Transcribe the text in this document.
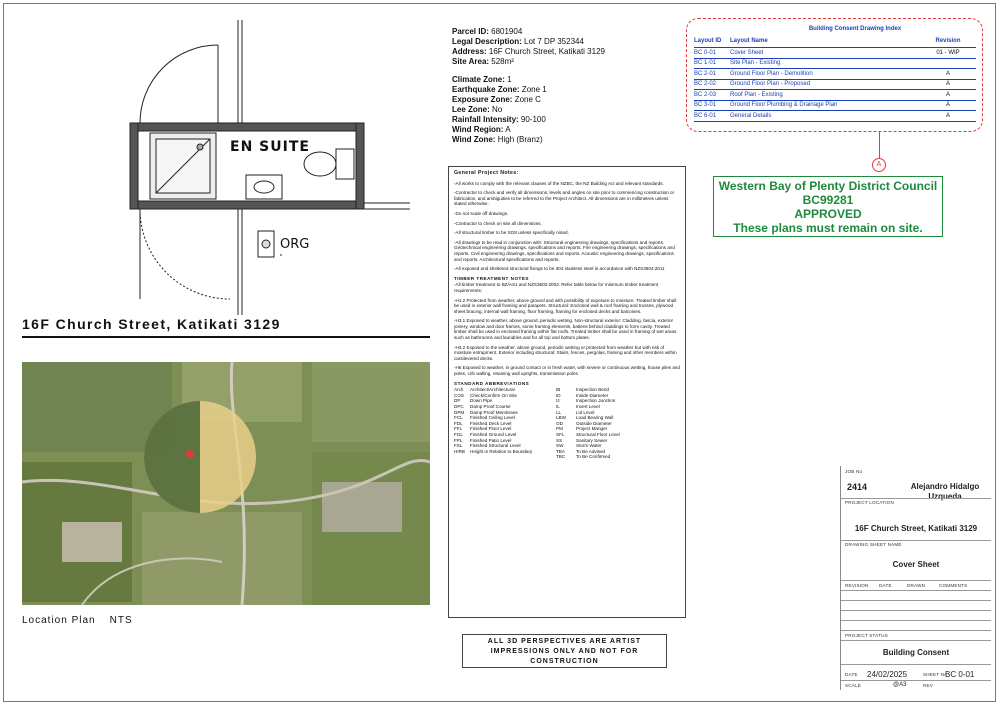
EN SUITE
ORG
16F Church Street, Katikati 3129
Location Plan NTS
Parcel ID: 6801904
Legal Description: Lot 7 DP 352344
Address: 16F Church Street, Katikati 3129
Site Area: 528m²
Climate Zone: 1
Earthquake Zone: Zone 1
Exposure Zone: Zone C
Lee Zone: No
Rainfall Intensity: 90-100
Wind Region: A
Wind Zone: High (Branz)
Building Consent Drawing Index
Layout ID	Layout Name	Revision
BC 0-01	Cover Sheet	01 - WIP
BC 1-01	Site Plan - Existing
BC 2-01	Ground Floor Plan - Demolition	A
BC 2-02	Ground Floor Plan - Proposed	A
BC 2-03	Roof Plan - Existing	A
BC 3-01	Ground Floor Plumbing & Drainage Plan	A
BC 6-01	General Details	A
A
Western Bay of Plenty District Council
BC99281
APPROVED
These plans must remain on site.
General Project Notes:

-All works to comply with the relevant clauses of the NZBC, the NZ Building Act and relevant standards.

-Contractor to check and verify all dimensions, levels and angles on site prior to commencing construction or fabrication, and ambiguities to be referred to the Project Architect. All dimensions are in millimetres unless stated otherwise.

-Do not scale off drawings.

-Contractor to check on site all dimensions.

-All structural timber to be SG8 unless specifically noted.

-All drawings to be read in conjunction with: Structural engineering drawings, specifications and reports. Geotechnical engineering drawings, specifications and reports. Fire engineering drawings, specifications and reports. Civil engineering drawings, specifications and reports. Acoustic engineering drawings, specifications and reports. Architectural specifications and reports.

-All exposed and sheltered structural fixings to be 304 stainless steel in accordance with NZS3604:2011

TIMBER TREATMENT NOTES

-All timber treatment to BZ/AS1 and NZS3602:2003. Refer table below for minimum timber treatment requirements:

-H1.2 Protected from weather, above ground and with possibility of exposure to moisture. Treated timber shall be used in exterior wall framing and parapets. Structural: Enclosed wall & roof framing and trusses, plywood sheet bracing, internal wall framing, floor framing, framing for enclosed decks and balconies.

-H3.1 Exposed to weather, above ground, periodic wetting. Non-structural exterior: Cladding, fascia, exterior joinery, window and door frames, some framing elements, battens behind claddings to form cavity. Treated timber shall be used in enclosed framing within flat roofs. Treated timber shall be used in framing of wet areas such as bathrooms and laundries and for all top and bottom plates.

-H3.2 Exposed to the weather, above ground, periodic wetting or protected from weather but with risk of moisture entrapment. Exterior including structural: Stairs, fences, pergolas, framing and other members within cantilevered decks.

-H5 Exposed to weather, in ground contact or in fresh water, with severe or continuous wetting, house piles and poles, crib walling, retaining wall uprights, transmission poles.

STANDARD ABBREVIATIONS
Arch	Architect/Architectural	IB	Inspection Bend
COS	Check/Confirm On Site	ID	Inside Diameter
DP	Down Pipe	IJ	Inspection Junction
DPC	Damp Proof Course	IL	Invert Level
DPM	Damp Proof Membrane	LL	Lid Level
FCL	Finished Ceiling Level	LBW	Load Bearing Wall
FDL	Finished Deck Level	OD	Outside Diameter
FFL	Finished Floor Level	PM	Project Manger
FGL	Finished Ground Level	SFL	Structural Floor Level
FPL	Finished Patio Level	SS	Sanitary Sewer
FSL	Finished Structural Level	SW	Storm Water
HIRB	Height in Relation to Boundary	TBA	To Be Advised
TBC	To Be Confirmed
ALL 3D PERSPECTIVES ARE ARTIST
IMPRESSIONS ONLY AND NOT FOR
CONSTRUCTION
JOB No
2414	Alejandro Hidalgo Uzqueda
PROJECT LOCATION
16F Church Street, Katikati 3129
DRAWING SHEET NAME
Cover Sheet
REVISION DATE	DRAWN	COMMENTS
PROJECT STATUS
Building Consent
DATE 24/02/2025	SHEET No
BC 0-01
SCALE	@A3	REV
